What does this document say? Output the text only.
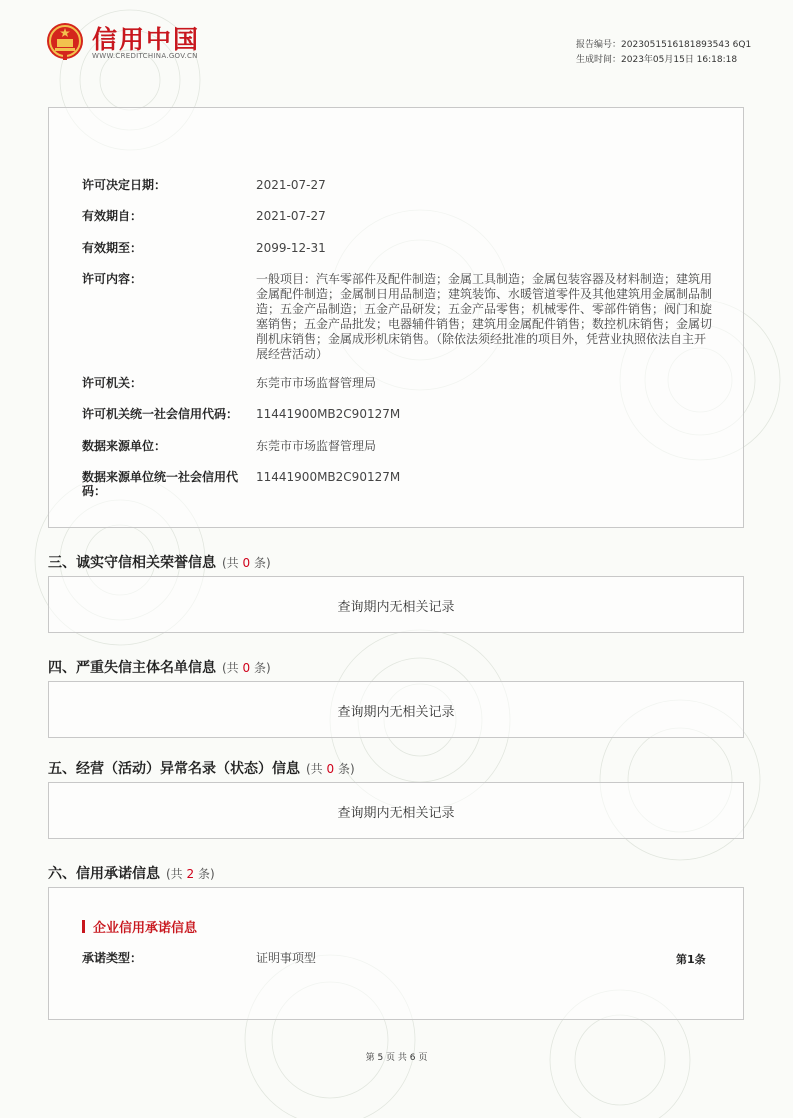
信用中国
WWW.CREDITCHINA.GOV.CN
报告编号：2023051516181893543 6Q1
生成时间：2023年05月15日 16:18:18
许可决定日期：	2021-07-27
有效期自：	2021-07-27
有效期至：	2099-12-31
许可内容：	一般项目：汽车零部件及配件制造；金属工具制造；金属包装容器及材料制造；建筑用金属配件制造；金属制日用品制造；建筑装饰、水暖管道零件及其他建筑用金属制品制造；五金产品制造；五金产品研发；五金产品零售；机械零件、零部件销售；阀门和旋塞销售；五金产品批发；电器辅件销售；建筑用金属配件销售；数控机床销售；金属切削机床销售；金属成形机床销售。（除依法须经批准的项目外，凭营业执照依法自主开展经营活动）
许可机关：	东莞市市场监督管理局
许可机关统一社会信用代码：	11441900MB2C90127M
数据来源单位：	东莞市市场监督管理局
数据来源单位统一社会信用代码：
11441900MB2C90127M
三、诚实守信相关荣誉信息 (共 0 条)
查询期内无相关记录
四、严重失信主体名单信息 (共 0 条)
查询期内无相关记录
五、经营（活动）异常名录（状态）信息 (共 0 条)
查询期内无相关记录
六、信用承诺信息 (共 2 条)
企业信用承诺信息
承诺类型：	证明事项型	第1条
第 5 页 共 6 页
